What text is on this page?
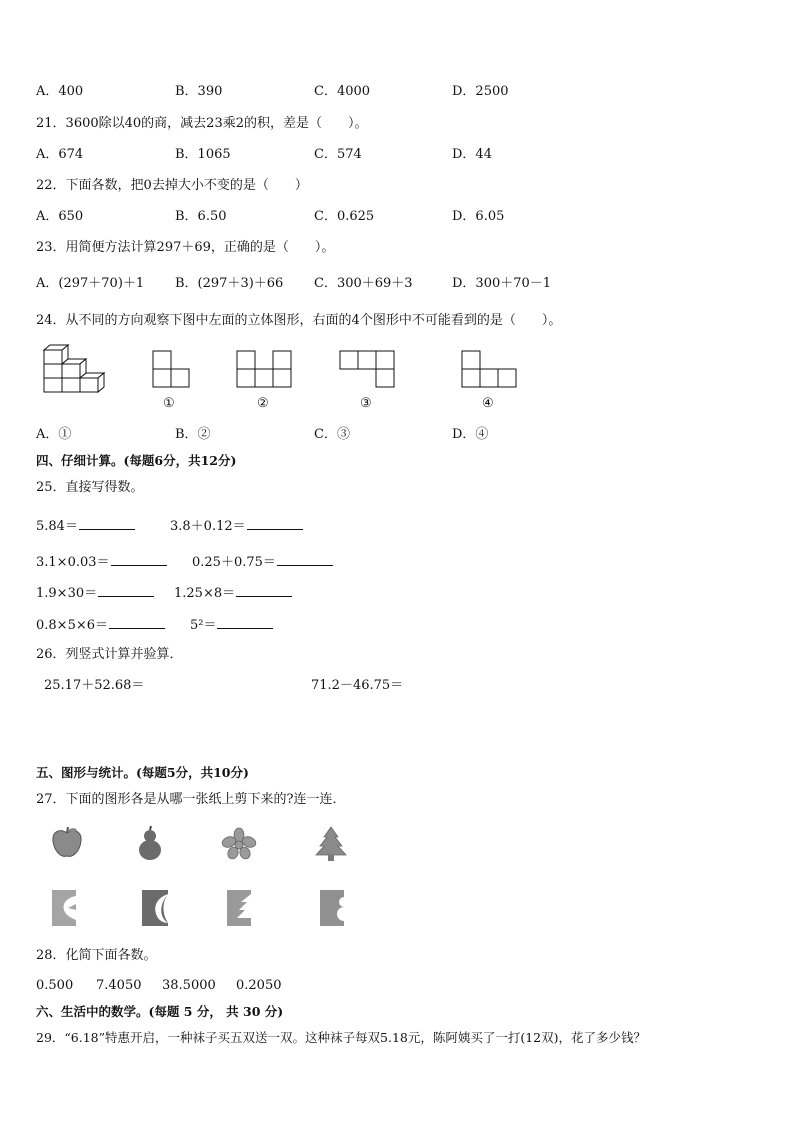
A．400	B．390	C．4000	D．2500
21．3600除以40的商，减去23乘2的积，差是（　　）。
A．674	B．1065	C．574	D．44
22．下面各数，把0去掉大小不变的是（　　）
A．650	B．6.50	C．0.625	D．6.05
23．用简便方法计算297＋69，正确的是（　　）。
A．(297＋70)＋1 B．(297＋3)＋66 C．300＋69＋3	D．300＋70－1
24．从不同的方向观察下图中左面的立体图形，右面的4个图形中不可能看到的是（　　）。
①	②	③	④
A．①	B．②	C．③	D．④
四、仔细计算。(每题6分，共12分)
25．直接写得数。
5.84＝	3.8＋0.12＝
3.1×0.03＝	0.25＋0.75＝
1.9×30＝	1.25×8＝
0.8×5×6＝	5²＝
26．列竖式计算并验算．
25.17＋52.68＝	71.2－46.75＝
五、图形与统计。(每题5分，共10分)
27．下面的图形各是从哪一张纸上剪下来的?连一连．
28．化简下面各数。
0.500 7.4050 38.5000 0.2050
六、生活中的数学。(每题 5 分， 共 30 分)
29．“6.18”特惠开启，一种袜子买五双送一双。这种袜子每双5.18元，陈阿姨买了一打(12双)，花了多少钱？
